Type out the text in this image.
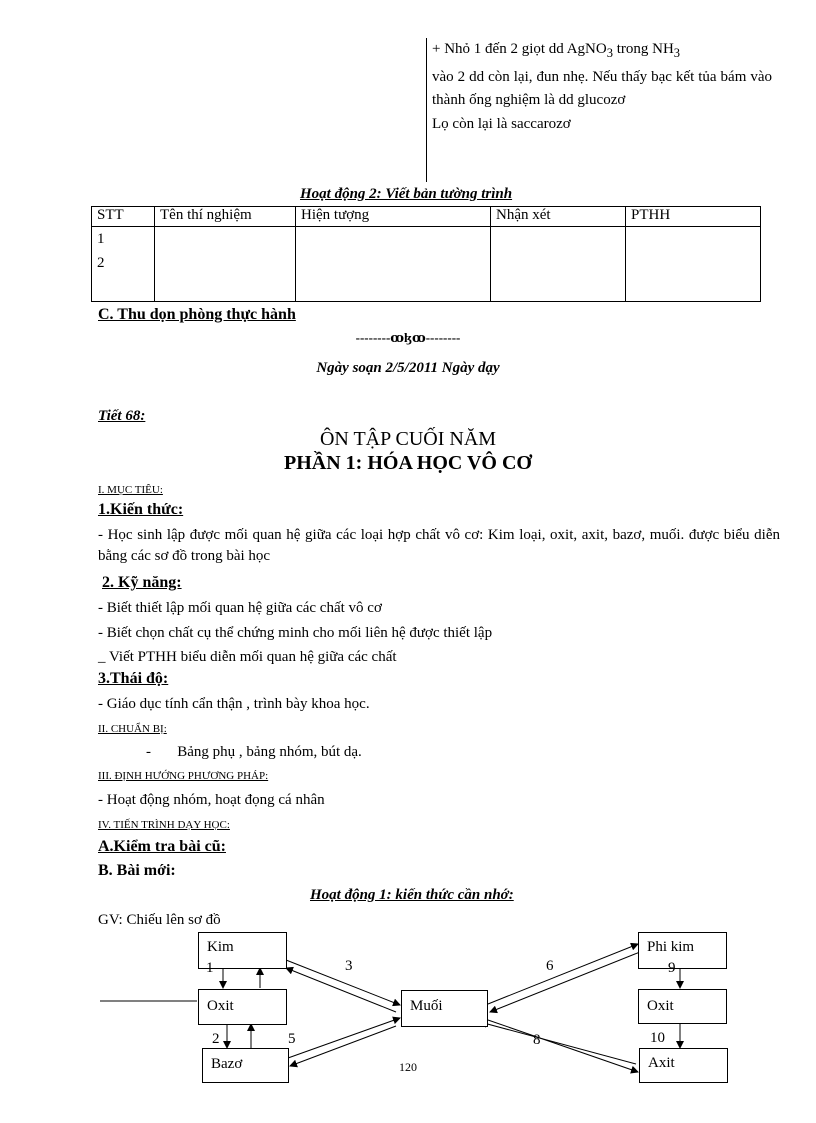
+ Nhỏ 1 đến 2 giọt dd AgNO$_3$ trong $NH_3$
vào 2 dd còn lại, đun nhẹ. Nếu thấy bạc kết tủa bám vào thành ống nghiệm là dd glucozơ
Lọ còn lại là saccarozơ
Hoạt động 2: Viết bản tường trình
STT	Tên thí nghiệm	Hiện tượng	Nhận xét	PTHH

1
2				

C. Thu dọn phòng thực hành
--------ꝏɮꝏ--------
Ngày soạn 2/5/2011 Ngày dạy
Tiết 68:
ÔN TẬP CUỐI NĂM
PHẦN 1: HÓA HỌC VÔ CƠ
I. MỤC TIÊU:
1.Kiến thức:
- Học sinh lập được mối quan hệ giữa các loại hợp chất vô cơ: Kim loại, oxit, axit, bazơ, muối. được biểu diễn bằng các sơ đồ trong bài học
2. Kỹ năng:
- Biết thiết lập mối quan hệ giữa các chất vô cơ
- Biết chọn chất cụ thể chứng minh cho mối liên hệ được thiết lập
_ Viết PTHH biểu diễn mối quan hệ giữa các chất
3.Thái độ:
- Giáo dục tính cẩn thận , trình bày khoa học.
II. CHUẨN BỊ:
-       Bảng phụ , bảng nhóm, bút dạ.
III. ĐỊNH HƯỚNG PHƯƠNG PHÁP:
- Hoạt động nhóm, hoạt đọng cá nhân
IV. TIẾN TRÌNH DẠY HỌC:
A.Kiểm tra bài cũ:
B. Bài mới:
Hoạt động 1: kiến thức cần nhớ:
GV: Chiếu lên sơ đồ
Kim
Oxit
Bazơ
Muối
Phi kim
Oxit
Axit
1
2
3
5
6
8
9
10
120
